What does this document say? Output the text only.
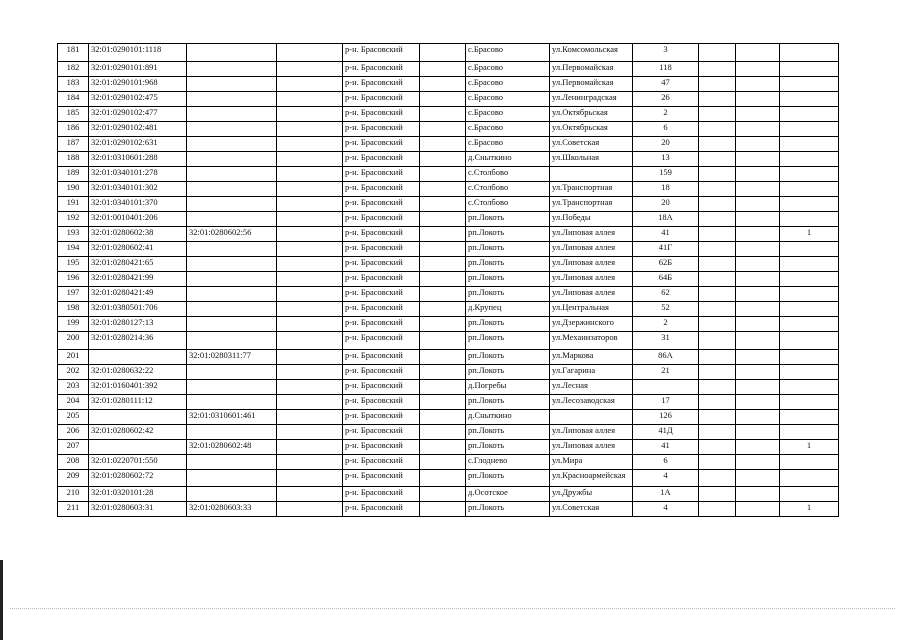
181	32:01:0290101:1118			р-н. Брасовский		с.Брасово	ул.Комсомольская	3			
182	32:01:0290101:891			р-н. Брасовский		с.Брасово	ул.Первомайская	118			
183	32:01:0290101:968			р-н. Брасовский		с.Брасово	ул.Первомайская	47			
184	32:01:0290102:475			р-н. Брасовский		с.Брасово	ул.Ленинградская	26			
185	32:01:0290102:477			р-н. Брасовский		с.Брасово	ул.Октябрьская	2			
186	32:01:0290102:481			р-н. Брасовский		с.Брасово	ул.Октябрьская	6			
187	32:01:0290102:631			р-н. Брасовский		с.Брасово	ул.Советская	20			
188	32:01:0310601:288			р-н. Брасовский		д.Сныткино	ул.Школьная	13			
189	32:01:0340101:278			р-н. Брасовский		с.Столбово		159			
190	32:01:0340101:302			р-н. Брасовский		с.Столбово	ул.Транспортная	18			
191	32:01:0340101:370			р-н. Брасовский		с.Столбово	ул.Транспортная	20			
192	32:01:0010401:206			р-н. Брасовский		рп.Локоть	ул.Победы	18А			
193	32:01:0280602:38	32:01:0280602:56		р-н. Брасовский		рп.Локоть	ул.Липовая аллея	41			1
194	32:01:0280602:41			р-н. Брасовский		рп.Локоть	ул.Липовая аллея	41Г			
195	32:01:0280421:65			р-н. Брасовский		рп.Локоть	ул.Липовая аллея	62Б			
196	32:01:0280421:99			р-н. Брасовский		рп.Локоть	ул.Липовая аллея	64Б			
197	32:01:0280421:49			р-н. Брасовский		рп.Локоть	ул.Липовая аллея	62			
198	32:01:0380501:706			р-н. Брасовский		д.Крупец	ул.Центральная	52			
199	32:01:0280127:13			р-н. Брасовский		рп.Локоть	ул.Дзержинского	2			
200	32:01:0280214:36			р-н. Брасовский		рп.Локоть	ул.Механизаторов	31			
201		32:01:0280311:77		р-н. Брасовский		рп.Локоть	ул.Маркова	86А			
202	32:01:0280632:22			р-н. Брасовский		рп.Локоть	ул.Гагарина	21			
203	32:01:0160401:392			р-н. Брасовский		д.Погребы	ул.Лесная				
204	32:01:0280111:12			р-н. Брасовский		рп.Локоть	ул.Лесозаводская	17			
205		32:01:0310601:461		р-н. Брасовский		д.Сныткино		126			
206	32:01:0280602:42			р-н. Брасовский		рп.Локоть	ул.Липовая аллея	41Д			
207		32:01:0280602:48		р-н. Брасовский		рп.Локоть	ул.Липовая аллея	41			1
208	32:01:0220701:550			р-н. Брасовский		с.Глодневo	ул.Мира	6			
209	32:01:0280602:72			р-н. Брасовский		рп.Локоть	ул.Красноармейская	4			
210	32:01:0320101:28			р-н. Брасовский		д.Осотское	ул.Дружбы	1А			
211	32:01:0280603:31	32:01:0280603:33		р-н. Брасовский		рп.Локоть	ул.Советская	4			1
